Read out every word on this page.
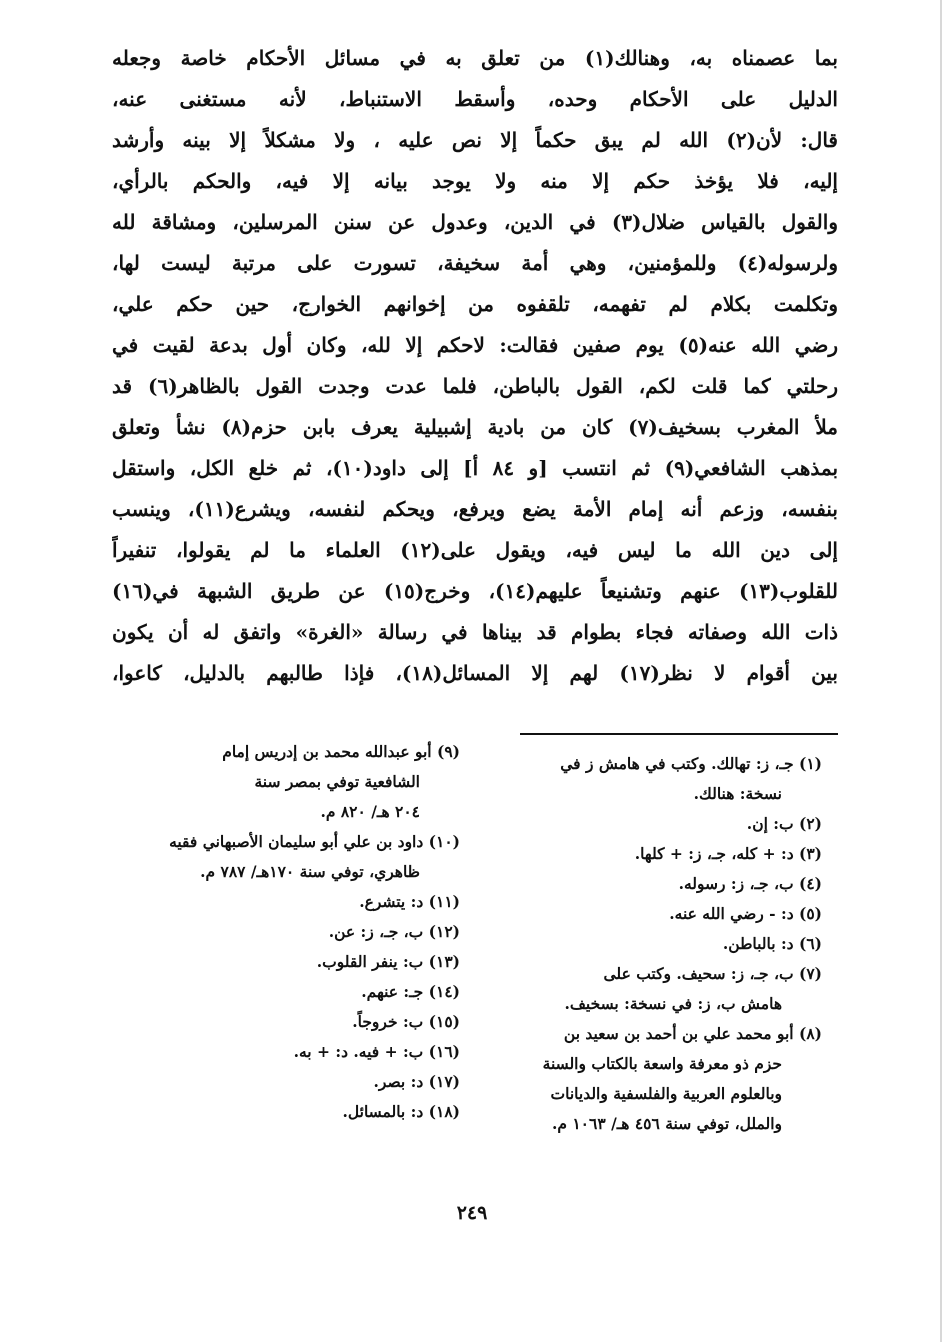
بما عصمناه به، وهنالك(١) من تعلق به في مسائل الأحكام خاصة وجعله
الدليل على الأحكام وحده، وأسقط الاستنباط، لأنه مستغنى عنه،
قال: لأن(٢) الله لم يبق حكماً إلا نص عليه ، ولا مشكلاً إلا بينه وأرشد
إليه، فلا يؤخذ حكم إلا منه ولا يوجد بيانه إلا فيه، والحكم بالرأي،
والقول بالقياس ضلال(٣) في الدين، وعدول عن سنن المرسلين، ومشاقة لله
ولرسوله(٤) وللمؤمنين، وهي أمة سخيفة، تسورت على مرتبة ليست لها،
وتكلمت بكلام لم تفهمه، تلقفوه من إخوانهم الخوارج، حين حكم علي،
رضي الله عنه(٥) يوم صفين فقالت: لاحكم إلا لله، وكان أول بدعة لقيت في
رحلتي كما قلت لكم، القول بالباطن، فلما عدت وجدت القول بالظاهر(٦) قد
ملأ المغرب بسخيف(٧) كان من بادية إشبيلية يعرف بابن حزم(٨) نشأ وتعلق
بمذهب الشافعي(٩) ثم انتسب [و ٨٤ أ] إلى داود(١٠)، ثم خلع الكل، واستقل
بنفسه، وزعم أنه إمام الأمة يضع ويرفع، ويحكم لنفسه، ويشرع(١١)، وينسب
إلى دين الله ما ليس فيه، ويقول على(١٢) العلماء ما لم يقولوا، تنفيراً
للقلوب(١٣) عنهم وتشنيعاً عليهم(١٤)، وخرج(١٥) عن طريق الشبهة في(١٦)
ذات الله وصفاته فجاء بطوام قد بيناها في رسالة «الغرة» واتفق له أن يكون
بين أقوام لا نظر(١٧) لهم إلا المسائل(١٨)، فإذا طالبهم بالدليل، كاعوا،
(١) جـ، ز: تهالك. وكتب في هامش ز في
نسخة: هنالك.
(٢) ب: إن.
(٣) د: + كله، جـ، ز: + كلها.
(٤) ب، جـ، ز: رسوله.
(٥) د: - رضي الله عنه.
(٦) د: بالباطن.
(٧) ب، جـ، ز: سحيف. وكتب على
هامش ب، ز: في نسخة: بسخيف.
(٨) أبو محمد علي بن أحمد بن سعيد بن
حزم ذو معرفة واسعة بالكتاب والسنة
وبالعلوم العربية والفلسفية والديانات
والملل، توفي سنة ٤٥٦ هـ/ ١٠٦٣ م.
(٩) أبو عبدالله محمد بن إدريس إمام
الشافعية توفي بمصر سنة
٢٠٤ هـ/ ٨٢٠ م.
(١٠) داود بن علي أبو سليمان الأصبهاني فقيه
ظاهري، توفي سنة ١٧٠هـ/ ٧٨٧ م.
(١١) د: يتشرع.
(١٢) ب، جـ، ز: عن.
(١٣) ب: ينفر القلوب.
(١٤) جـ: عنهم.
(١٥) ب: خروجاً.
(١٦) ب: + فيه. د: + به.
(١٧) د: بصر.
(١٨) د: بالمسائل.
٢٤٩
